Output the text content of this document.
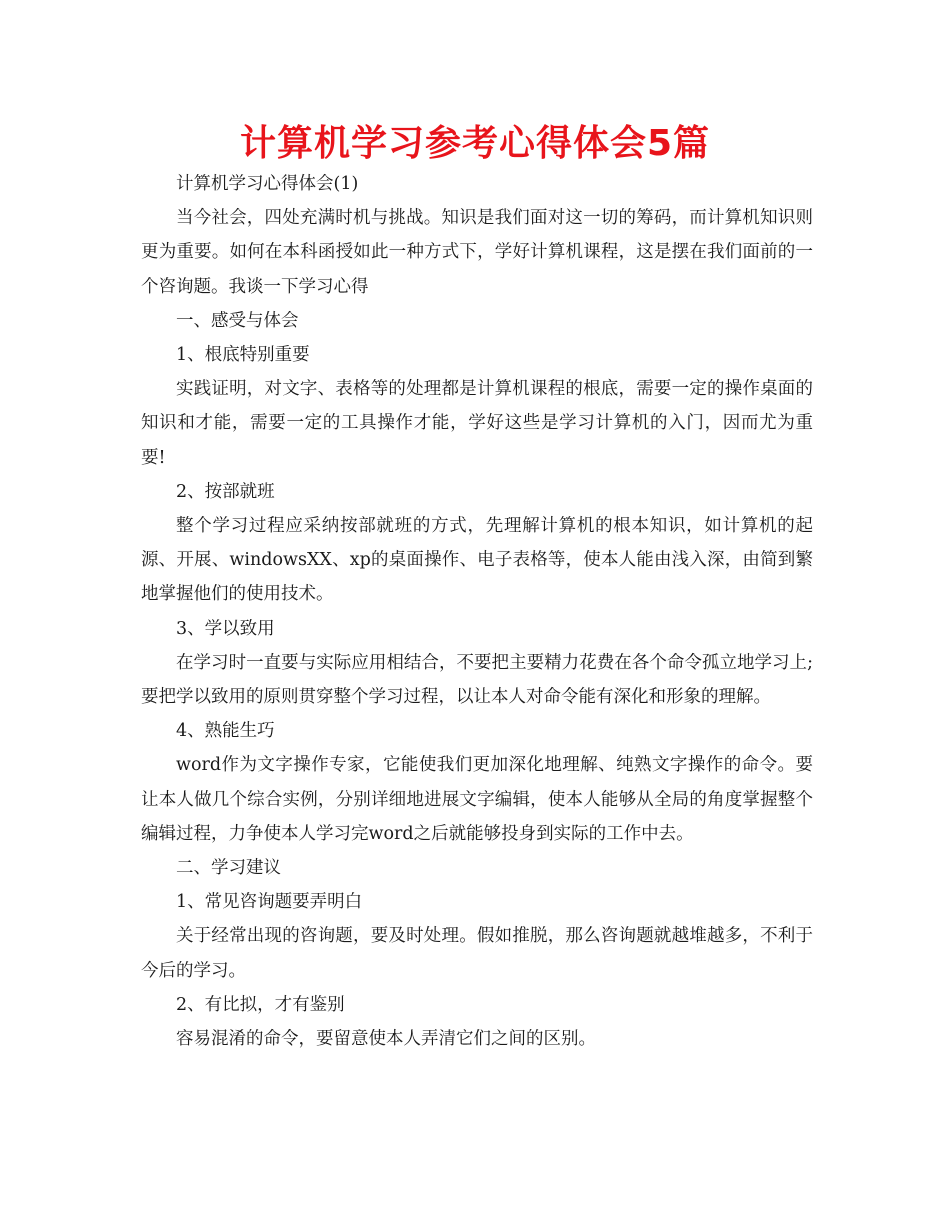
计算机学习参考心得体会5篇

计算机学习心得体会(1)

当今社会，四处充满时机与挑战。知识是我们面对这一切的筹码，而计算机知识则更为重要。如何在本科函授如此一种方式下，学好计算机课程，这是摆在我们面前的一个咨询题。我谈一下学习心得

一、感受与体会

1、根底特别重要

实践证明，对文字、表格等的处理都是计算机课程的根底，需要一定的操作桌面的知识和才能，需要一定的工具操作才能，学好这些是学习计算机的入门，因而尤为重要!

2、按部就班

整个学习过程应采纳按部就班的方式，先理解计算机的根本知识，如计算机的起源、开展、windowsXX、xp的桌面操作、电子表格等，使本人能由浅入深，由简到繁地掌握他们的使用技术。

3、学以致用

在学习时一直要与实际应用相结合，不要把主要精力花费在各个命令孤立地学习上;要把学以致用的原则贯穿整个学习过程，以让本人对命令能有深化和形象的理解。

4、熟能生巧

word作为文字操作专家，它能使我们更加深化地理解、纯熟文字操作的命令。要让本人做几个综合实例，分别详细地进展文字编辑，使本人能够从全局的角度掌握整个编辑过程，力争使本人学习完word之后就能够投身到实际的工作中去。

二、学习建议

1、常见咨询题要弄明白

关于经常出现的咨询题，要及时处理。假如推脱，那么咨询题就越堆越多，不利于今后的学习。

2、有比拟，才有鉴别

容易混淆的命令，要留意使本人弄清它们之间的区别。
